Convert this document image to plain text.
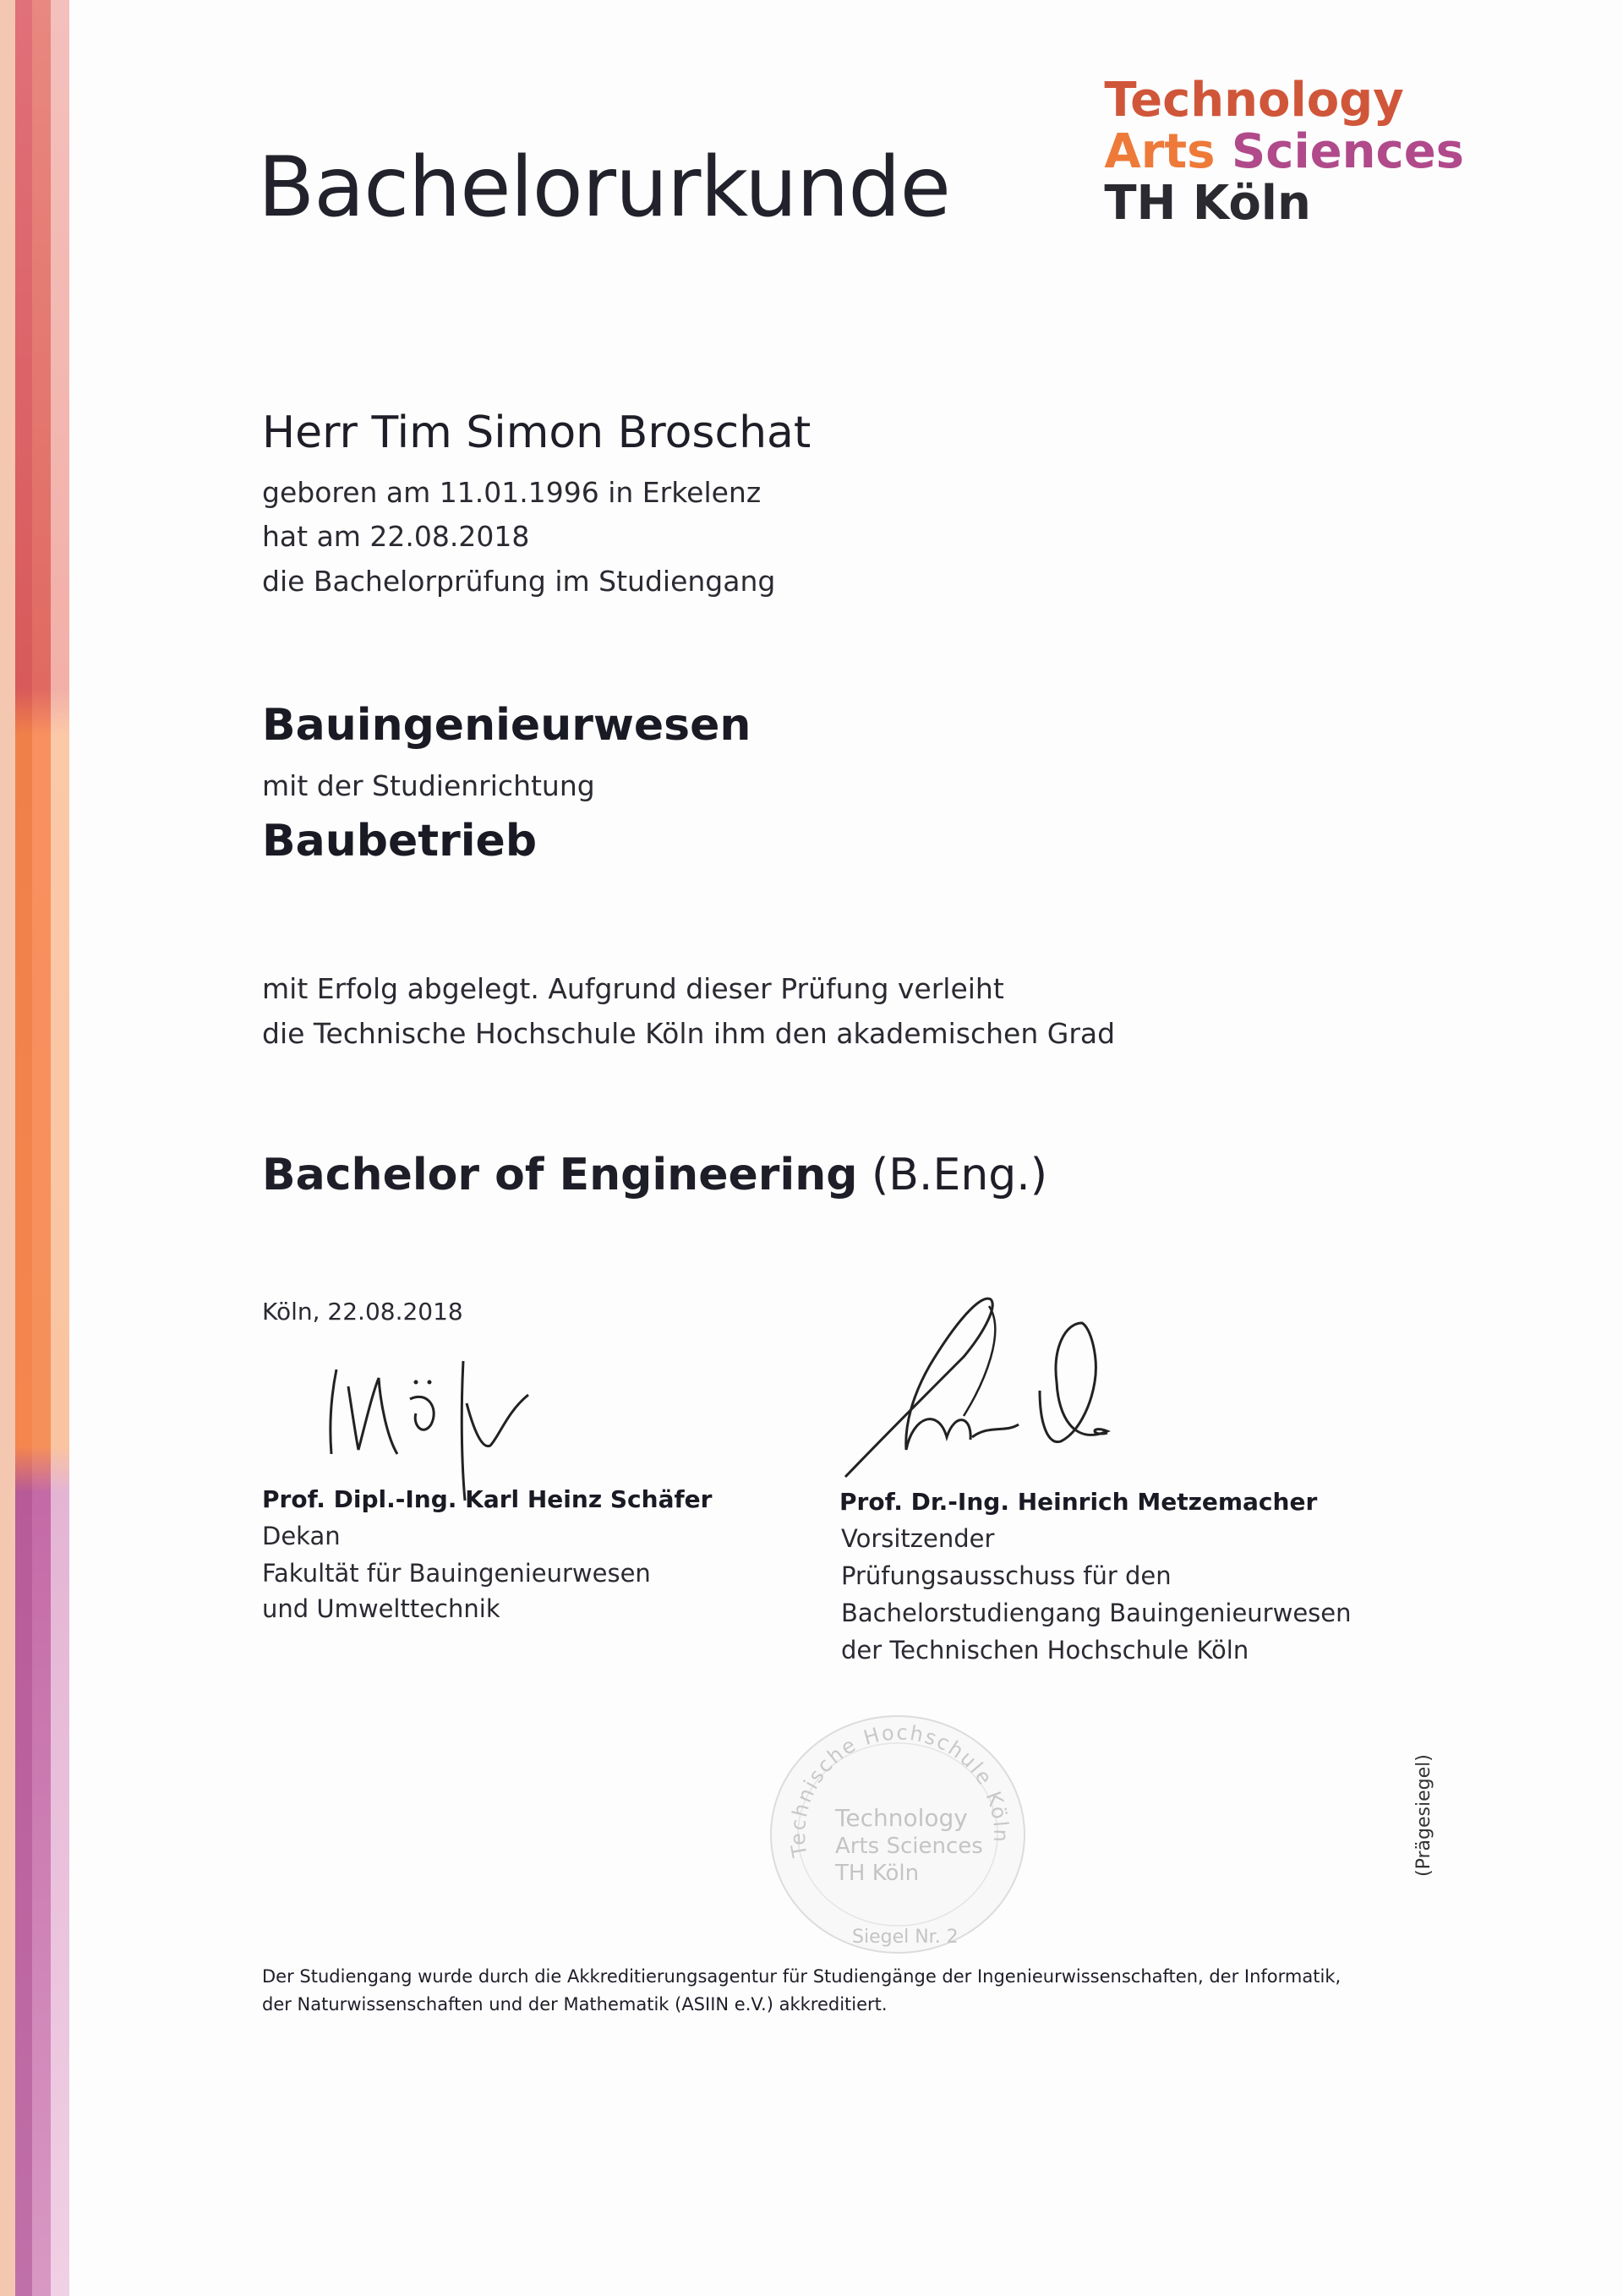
Bachelorurkunde
Technology
Arts Sciences
TH Köln
Herr Tim Simon Broschat
geboren am 11.01.1996 in Erkelenz
hat am 22.08.2018
die Bachelorprüfung im Studiengang
Bauingenieurwesen
mit der Studienrichtung
Baubetrieb
mit Erfolg abgelegt. Aufgrund dieser Prüfung verleiht
die Technische Hochschule Köln ihm den akademischen Grad
Bachelor of Engineering (B.Eng.)
Köln, 22.08.2018
Prof. Dipl.-Ing. Karl Heinz Schäfer
Dekan
Fakultät für Bauingenieurwesen
und Umwelttechnik
Prof. Dr.-Ing. Heinrich Metzemacher
Vorsitzender
Prüfungsausschuss für den
Bachelorstudiengang Bauingenieurwesen
der Technischen Hochschule Köln
Technische Hochschule Köln
Technology
Arts Sciences
TH Köln
Siegel Nr. 2
(Prägesiegel)
Der Studiengang wurde durch die Akkreditierungsagentur für Studiengänge der Ingenieurwissenschaften, der Informatik,
der Naturwissenschaften und der Mathematik (ASIIN e.V.) akkreditiert.
